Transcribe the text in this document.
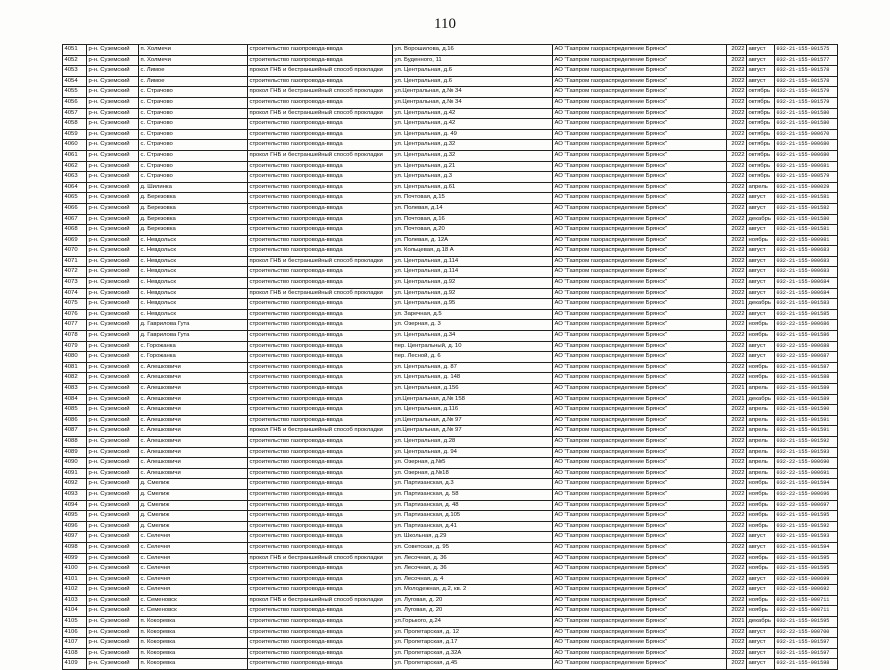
110
4051	р-н. Суземский	п. Холмечи	строительство газопровода-ввода	ул. Ворошилова, д.16	АО "Газпром газораспределение Брянск"	2022	август	032-21-155-001575
4052	р-н. Суземский	п. Холмечи	строительство газопровода-ввода	ул. Буденного, 11	АО "Газпром газораспределение Брянск"	2022	август	032-21-155-001577
4053	р-н. Суземский	с. Лимое	прокол ГНБ и бестраншейный способ прокладки	ул. Центральная, д.6	АО "Газпром газораспределение Брянск"	2022	август	032-21-155-001578
4054	р-н. Суземский	с. Лимое	строительство газопровода-ввода	ул. Центральная, д.6	АО "Газпром газораспределение Брянск"	2022	август	032-21-155-001578
4055	р-н. Суземский	с. Страчово	прокол ГНБ и бестраншейный способ прокладки	ул.Центральная, д.№ 34	АО "Газпром газораспределение Брянск"	2022	октябрь	032-21-155-001579
4056	р-н. Суземский	с. Страчово	строительство газопровода-ввода	ул.Центральная, д.№ 34	АО "Газпром газораспределение Брянск"	2022	октябрь	032-21-155-001579
4057	р-н. Суземский	с. Страчово	прокол ГНБ и бестраншейный способ прокладки	ул. Центральная, д.42	АО "Газпром газораспределение Брянск"	2022	октябрь	032-21-155-001580
4058	р-н. Суземский	с. Страчово	строительство газопровода-ввода	ул. Центральная, д.42	АО "Газпром газораспределение Брянск"	2022	октябрь	032-21-155-001580
4059	р-н. Суземский	с. Страчово	строительство газопровода-ввода	ул. Центральная, д. 49	АО "Газпром газораспределение Брянск"	2022	октябрь	032-21-155-000670
4060	р-н. Суземский	с. Страчово	строительство газопровода-ввода	ул. Центральная, д.32	АО "Газпром газораспределение Брянск"	2022	октябрь	032-21-155-000680
4061	р-н. Суземский	с. Страчово	прокол ГНБ и бестраншейный способ прокладки	ул. Центральная, д.32	АО "Газпром газораспределение Брянск"	2022	октябрь	032-21-155-000680
4062	р-н. Суземский	с. Страчово	строительство газопровода-ввода	ул. Центральная, д.21	АО "Газпром газораспределение Брянск"	2022	октябрь	032-21-155-000681
4063	р-н. Суземский	с. Страчово	строительство газопровода-ввода	ул. Центральная, д.3	АО "Газпром газораспределение Брянск"	2022	октябрь	032-21-155-000579
4064	р-н. Суземский	д. Шилинка	строительство газопровода-ввода	ул. Центральная, д.61	АО "Газпром газораспределение Брянск"	2022	апрель	032-21-155-000029
4065	р-н. Суземский	д. Березовка	строительство газопровода-ввода	ул. Почтовая, д.15	АО "Газпром газораспределение Брянск"	2022	август	032-21-155-001581
4066	р-н. Суземский	д. Березовка	строительство газопровода-ввода	ул. Полевая, д.14	АО "Газпром газораспределение Брянск"	2022	август	032-21-155-001582
4067	р-н. Суземский	д. Березовка	строительство газопровода-ввода	ул. Почтовая, д.16	АО "Газпром газораспределение Брянск"	2022	декабрь	032-21-155-001580
4068	р-н. Суземский	д. Березовка	строительство газопровода-ввода	ул. Почтовая, д.20	АО "Газпром газораспределение Брянск"	2022	август	032-21-155-001581
4069	р-н. Суземский	с. Невдольск	строительство газопровода-ввода	ул. Полевая, д. 12А	АО "Газпром газораспределение Брянск"	2022	ноябрь	032-22-155-000981
4070	р-н. Суземский	с. Невдольск	строительство газопровода-ввода	ул. Кольцевая, д.18 А	АО "Газпром газораспределение Брянск"	2022	август	032-21-155-000683
4071	р-н. Суземский	с. Невдольск	прокол ГНБ и бестраншейный способ прокладки	ул. Центральная, д.114	АО "Газпром газораспределение Брянск"	2022	август	032-21-155-000683
4072	р-н. Суземский	с. Невдольск	строительство газопровода-ввода	ул. Центральная, д.114	АО "Газпром газораспределение Брянск"	2022	август	032-21-155-000683
4073	р-н. Суземский	с. Невдольск	строительство газопровода-ввода	ул. Центральная, д.92	АО "Газпром газораспределение Брянск"	2022	август	032-21-155-000684
4074	р-н. Суземский	с. Невдольск	прокол ГНБ и бестраншейный способ прокладки	ул. Центральная, д.92	АО "Газпром газораспределение Брянск"	2022	август	032-21-155-000684
4075	р-н. Суземский	с. Невдольск	строительство газопровода-ввода	ул. Центральная, д.95	АО "Газпром газораспределение Брянск"	2021	декабрь	032-21-155-001583
4076	р-н. Суземский	с. Невдольск	строительство газопровода-ввода	ул. Заречная, д.5	АО "Газпром газораспределение Брянск"	2022	август	032-21-155-001585
4077	р-н. Суземский	д. Гаврилова Гута	строительство газопровода-ввода	ул. Озерная, д. 3	АО "Газпром газораспределение Брянск"	2022	ноябрь	032-22-155-000686
4078	р-н. Суземский	д. Гаврилова Гута	строительство газопровода-ввода	ул. Центральная, д.34	АО "Газпром газораспределение Брянск"	2022	ноябрь	032-21-155-001586
4079	р-н. Суземский	с. Горожанка	строительство газопровода-ввода	пер. Центральный, д. 10	АО "Газпром газораспределение Брянск"	2022	август	032-22-155-000688
4080	р-н. Суземский	с. Горожанка	строительство газопровода-ввода	пер. Лесной, д. 6	АО "Газпром газораспределение Брянск"	2022	август	032-22-155-000687
4081	р-н. Суземский	с. Алешковичи	строительство газопровода-ввода	ул. Центральная, д. 87	АО "Газпром газораспределение Брянск"	2022	ноябрь	032-21-155-001587
4082	р-н. Суземский	с. Алешковичи	строительство газопровода-ввода	ул. Центральная, д. 148	АО "Газпром газораспределение Брянск"	2022	ноябрь	032-21-155-001588
4083	р-н. Суземский	с. Алешковичи	строительство газопровода-ввода	ул. Центральная, д.156	АО "Газпром газораспределение Брянск"	2021	апрель	032-21-155-001589
4084	р-н. Суземский	с. Алешковичи	строительство газопровода-ввода	ул.Центральная, д.№ 158	АО "Газпром газораспределение Брянск"	2021	декабрь	032-21-155-001589
4085	р-н. Суземский	с. Алешковичи	строительство газопровода-ввода	ул. Центральная, д.116	АО "Газпром газораспределение Брянск"	2022	апрель	032-21-155-001590
4086	р-н. Суземский	с. Алешковичи	строительство газопровода-ввода	ул.Центральная, д.№ 97	АО "Газпром газораспределение Брянск"	2022	апрель	032-21-155-001591
4087	р-н. Суземский	с. Алешковичи	прокол ГНБ и бестраншейный способ прокладки	ул.Центральная, д.№ 97	АО "Газпром газораспределение Брянск"	2022	апрель	032-21-155-001591
4088	р-н. Суземский	с. Алешковичи	строительство газопровода-ввода	ул. Центральная, д.28	АО "Газпром газораспределение Брянск"	2022	апрель	032-21-155-001592
4089	р-н. Суземский	с. Алешковичи	строительство газопровода-ввода	ул. Центральная, д. 94	АО "Газпром газораспределение Брянск"	2022	апрель	032-21-155-001593
4090	р-н. Суземский	с. Алешковичи	строительство газопровода-ввода	ул. Озерная, д.№5	АО "Газпром газораспределение Брянск"	2022	апрель	032-22-155-000690
4091	р-н. Суземский	с. Алешковичи	строительство газопровода-ввода	ул. Озерная, д.№18	АО "Газпром газораспределение Брянск"	2022	апрель	032-22-155-000691
4092	р-н. Суземский	д. Смелиж	строительство газопровода-ввода	ул. Партизанская, д.3	АО "Газпром газораспределение Брянск"	2022	ноябрь	032-21-155-001594
4093	р-н. Суземский	д. Смелиж	строительство газопровода-ввода	ул. Партизанская, д. 58	АО "Газпром газораспределение Брянск"	2022	ноябрь	032-22-155-000696
4094	р-н. Суземский	д. Смелиж	строительство газопровода-ввода	ул. Партизанская, д. 48	АО "Газпром газораспределение Брянск"	2022	ноябрь	032-22-155-000697
4095	р-н. Суземский	д. Смелиж	строительство газопровода-ввода	ул. Партизанская, д.105	АО "Газпром газораспределение Брянск"	2022	ноябрь	032-21-155-001595
4096	р-н. Суземский	д. Смелиж	строительство газопровода-ввода	ул. Партизанская, д.41	АО "Газпром газораспределение Брянск"	2022	ноябрь	032-21-155-001592
4097	р-н. Суземский	с. Селечня	строительство газопровода-ввода	ул. Школьная, д.29	АО "Газпром газораспределение Брянск"	2022	август	032-21-155-001593
4098	р-н. Суземский	с. Селечня	строительство газопровода-ввода	ул. Советская, д. 95	АО "Газпром газораспределение Брянск"	2022	август	032-21-155-001594
4099	р-н. Суземский	с. Селечня	прокол ГНБ и бестраншейный способ прокладки	ул. Лесочная, д. 36	АО "Газпром газораспределение Брянск"	2022	ноябрь	032-21-155-001595
4100	р-н. Суземский	с. Селечня	строительство газопровода-ввода	ул. Лесочная, д. 36	АО "Газпром газораспределение Брянск"	2022	ноябрь	032-21-155-001595
4101	р-н. Суземский	с. Селечня	строительство газопровода-ввода	ул. Лесочная, д. 4	АО "Газпром газораспределение Брянск"	2022	август	032-22-155-000699
4102	р-н. Суземский	с. Селечня	строительство газопровода-ввода	ул. Молодежная, д.2, кв. 2	АО "Газпром газораспределение Брянск"	2022	август	032-22-155-000692
4103	р-н. Суземский	с. Семеновск	прокол ГНБ и бестраншейный способ прокладки	ул. Луговая, д. 20	АО "Газпром газораспределение Брянск"	2022	ноябрь	032-22-155-000711
4104	р-н. Суземский	с. Семеновск	строительство газопровода-ввода	ул. Луговая, д. 20	АО "Газпром газораспределение Брянск"	2022	ноябрь	032-22-155-000711
4105	р-н. Суземский	п. Кокоревка	строительство газопровода-ввода	ул.Горького, д.24	АО "Газпром газораспределение Брянск"	2021	декабрь	032-21-155-001595
4106	р-н. Суземский	п. Кокоревка	строительство газопровода-ввода	ул. Пролетарская, д. 12	АО "Газпром газораспределение Брянск"	2022	август	032-22-155-000700
4107	р-н. Суземский	п. Кокоревка	строительство газопровода-ввода	ул. Пролетарская, д.17	АО "Газпром газораспределение Брянск"	2022	август	032-21-155-001597
4108	р-н. Суземский	п. Кокоревка	строительство газопровода-ввода	ул. Пролетарская, д.32А	АО "Газпром газораспределение Брянск"	2022	август	032-21-155-001597
4109	р-н. Суземский	п. Кокоревка	строительство газопровода-ввода	ул. Пролетарская, д.45	АО "Газпром газораспределение Брянск"	2022	август	032-21-155-001598
